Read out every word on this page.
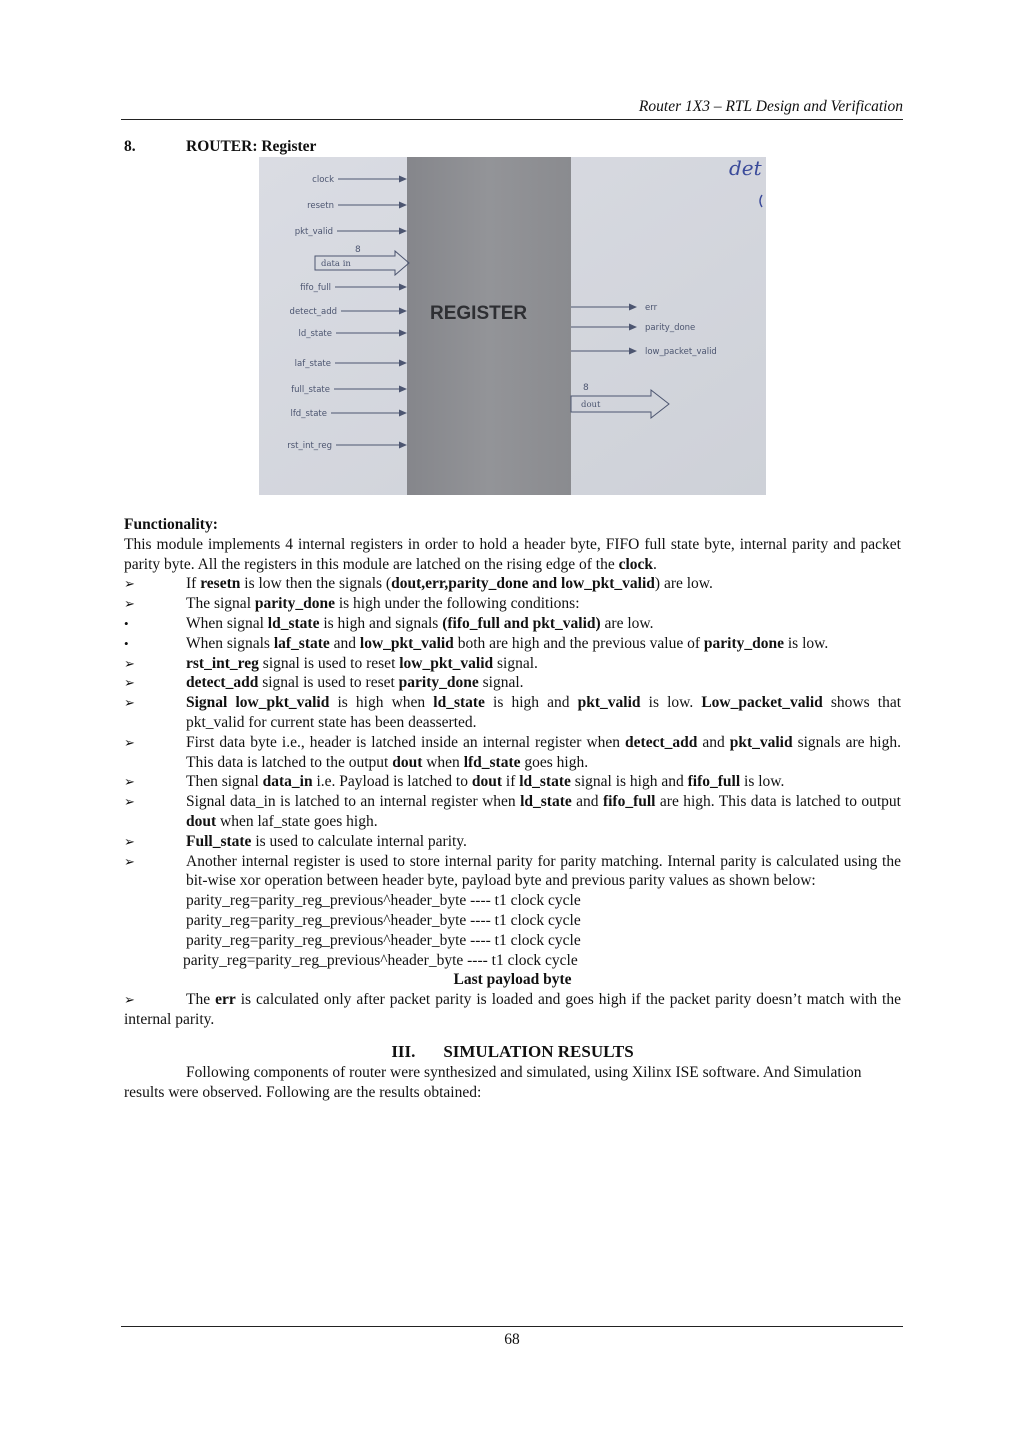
Router 1X3 – RTL Design and Verification
8.	ROUTER: Register
REGISTER
clock
resetn
pkt_valid
8
data in
fifo_full
detect_add
ld_state
laf_state
full_state
lfd_state
rst_int_reg
err
parity_done
low_packet_valid
8
dout
det

Functionality:

This module implements 4 internal registers in order to hold a header byte, FIFO full state byte, internal parity and packet parity byte. All the registers in this module are latched on the rising edge of the clock.

➢	If resetn is low then the signals (dout,err,parity_done and low_pkt_valid) are low.

➢	The signal parity_done is high under the following conditions:

•	When signal ld_state is high and signals (fifo_full and pkt_valid) are low.

•	When signals laf_state and low_pkt_valid both are high and the previous value of parity_done is low.

➢	rst_int_reg signal is used to reset low_pkt_valid signal.

➢	detect_add signal is used to reset parity_done signal.

➢	Signal low_pkt_valid is high when ld_state is high and pkt_valid is low. Low_packet_valid shows that pkt_valid for current state has been deasserted.

➢	First data byte i.e., header is latched inside an internal register when detect_add and pkt_valid signals are high. This data is latched to the output dout when lfd_state goes high.

➢	Then signal data_in i.e. Payload is latched to dout if ld_state signal is high and fifo_full is low.

➢	Signal data_in is latched to an internal register when ld_state and fifo_full are high. This data is latched to output dout when laf_state goes high.

➢	Full_state is used to calculate internal parity.

➢	Another internal register is used to store internal parity for parity matching. Internal parity is calculated using the bit-wise xor operation between header byte, payload byte and previous parity values as shown below:

parity_reg=parity_reg_previous^header_byte ---- t1 clock cycle

parity_reg=parity_reg_previous^header_byte ---- t1 clock cycle

parity_reg=parity_reg_previous^header_byte ---- t1 clock cycle

parity_reg=parity_reg_previous^header_byte ---- t1 clock cycle

Last payload byte

➢	The err is calculated only after packet parity is loaded and goes high if the packet parity doesn’t match with the internal parity.

III. SIMULATION RESULTS

Following components of router were synthesized and simulated, using Xilinx ISE software. And Simulation results were observed. Following are the results obtained:

68
